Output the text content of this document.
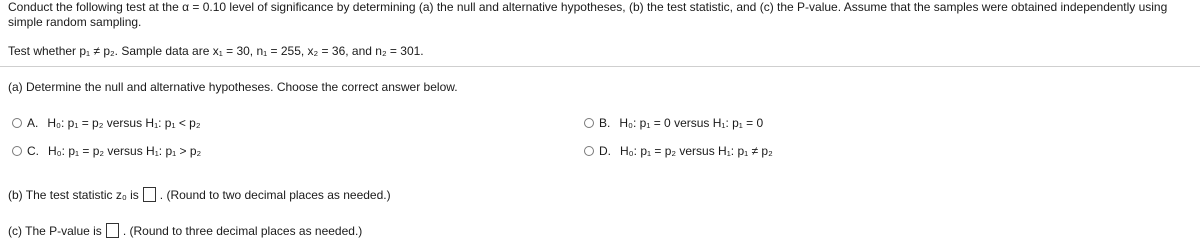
Conduct the following test at the α = 0.10 level of significance by determining (a) the null and alternative hypotheses, (b) the test statistic, and (c) the P-value. Assume that the samples were obtained independently using simple random sampling.
Test whether p₁ ≠ p₂. Sample data are x₁ = 30, n₁ = 255, x₂ = 36, and n₂ = 301.
(a) Determine the null and alternative hypotheses. Choose the correct answer below.
A. H₀: p₁ = p₂ versus H₁: p₁ < p₂	B. H₀: p₁ = 0 versus H₁: p₁ = 0
C. H₀: p₁ = p₂ versus H₁: p₁ > p₂	D. H₀: p₁ = p₂ versus H₁: p₁ ≠ p₂
(b) The test statistic z₀ is . (Round to two decimal places as needed.)
(c) The P-value is . (Round to three decimal places as needed.)
